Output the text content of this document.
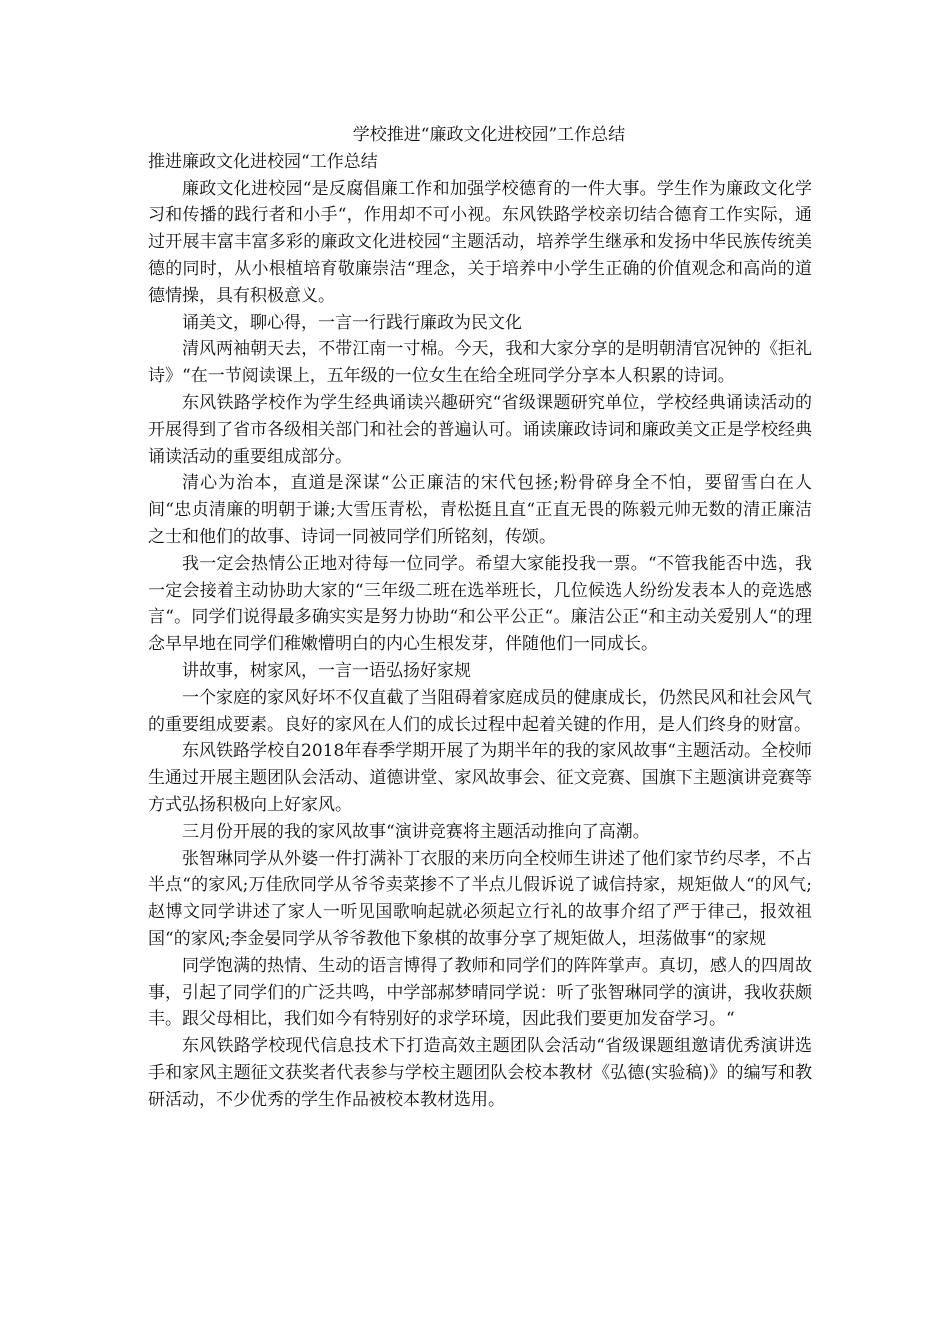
学校推进“廉政文化进校园”工作总结

推进廉政文化进校园“工作总结

廉政文化进校园“是反腐倡廉工作和加强学校德育的一件大事。学生作为廉政文化学习和传播的践行者和小手“，作用却不可小视。东风铁路学校亲切结合德育工作实际，通过开展丰富丰富多彩的廉政文化进校园“主题活动，培养学生继承和发扬中华民族传统美德的同时，从小根植培育敬廉崇洁“理念，关于培养中小学生正确的价值观念和高尚的道德情操，具有积极意义。

诵美文，聊心得，一言一行践行廉政为民文化

清风两袖朝天去，不带江南一寸棉。今天，我和大家分享的是明朝清官况钟的《拒礼诗》“在一节阅读课上，五年级的一位女生在给全班同学分享本人积累的诗词。

东风铁路学校作为学生经典诵读兴趣研究“省级课题研究单位，学校经典诵读活动的开展得到了省市各级相关部门和社会的普遍认可。诵读廉政诗词和廉政美文正是学校经典诵读活动的重要组成部分。

清心为治本，直道是深谋“公正廉洁的宋代包拯;粉骨碎身全不怕，要留雪白在人间“忠贞清廉的明朝于谦;大雪压青松，青松挺且直“正直无畏的陈毅元帅无数的清正廉洁之士和他们的故事、诗词一同被同学们所铭刻，传颂。

我一定会热情公正地对待每一位同学。希望大家能投我一票。“不管我能否中选，我一定会接着主动协助大家的“三年级二班在选举班长，几位候选人纷纷发表本人的竞选感言“。同学们说得最多确实实是努力协助“和公平公正“。廉洁公正“和主动关爱别人“的理念早早地在同学们稚嫩懵明白的内心生根发芽，伴随他们一同成长。

讲故事，树家风，一言一语弘扬好家规

一个家庭的家风好坏不仅直截了当阻碍着家庭成员的健康成长，仍然民风和社会风气的重要组成要素。良好的家风在人们的成长过程中起着关键的作用，是人们终身的财富。

东风铁路学校自2018年春季学期开展了为期半年的我的家风故事“主题活动。全校师生通过开展主题团队会活动、道德讲堂、家风故事会、征文竞赛、国旗下主题演讲竞赛等方式弘扬积极向上好家风。

三月份开展的我的家风故事“演讲竞赛将主题活动推向了高潮。

张智琳同学从外婆一件打满补丁衣服的来历向全校师生讲述了他们家节约尽孝，不占半点“的家风;万佳欣同学从爷爷卖菜掺不了半点儿假诉说了诚信持家，规矩做人“的风气;赵博文同学讲述了家人一听见国歌响起就必须起立行礼的故事介绍了严于律己，报效祖国“的家风;李金晏同学从爷爷教他下象棋的故事分享了规矩做人，坦荡做事“的家规

同学饱满的热情、生动的语言博得了教师和同学们的阵阵掌声。真切，感人的四周故事，引起了同学们的广泛共鸣，中学部郝梦晴同学说：听了张智琳同学的演讲，我收获颇丰。跟父母相比，我们如今有特别好的求学环境，因此我们要更加发奋学习。“

东风铁路学校现代信息技术下打造高效主题团队会活动“省级课题组邀请优秀演讲选手和家风主题征文获奖者代表参与学校主题团队会校本教材《弘德(实验稿)》的编写和教研活动，不少优秀的学生作品被校本教材选用。
